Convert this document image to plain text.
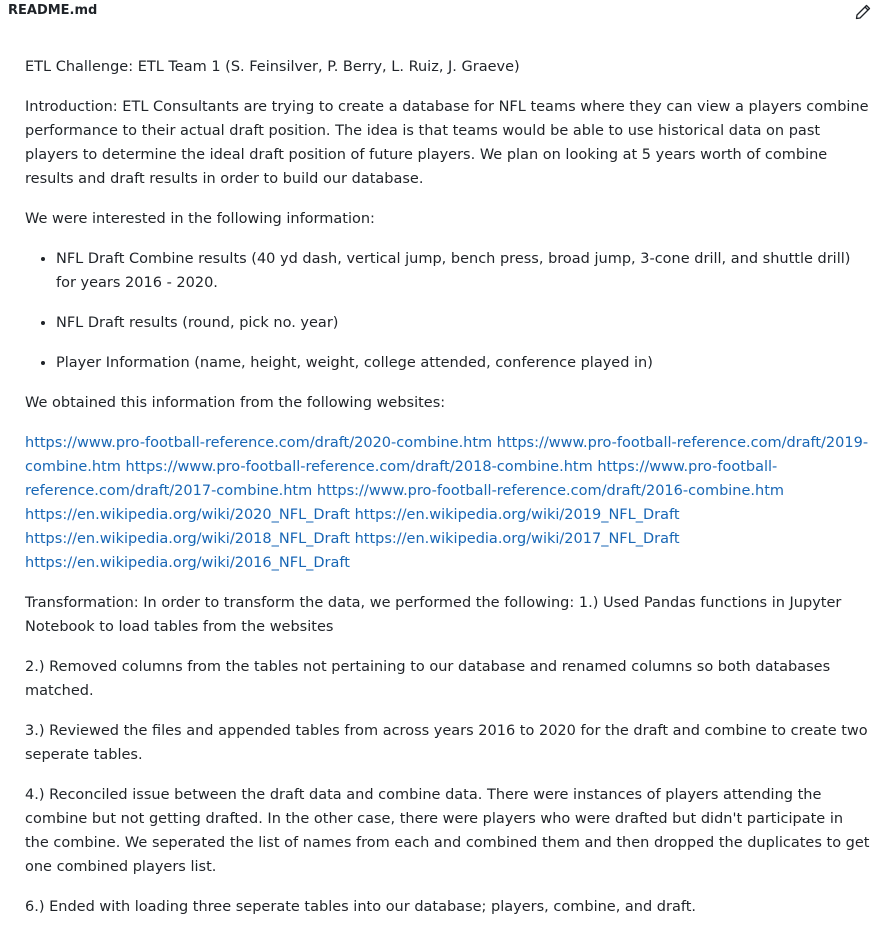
README.md

ETL Challenge: ETL Team 1 (S. Feinsilver, P. Berry, L. Ruiz, J. Graeve)

Introduction: ETL Consultants are trying to create a database for NFL teams where they can view a players combine performance to their actual draft position. The idea is that teams would be able to use historical data on past players to determine the ideal draft position of future players. We plan on looking at 5 years worth of combine results and draft results in order to build our database.

We were interested in the following information:

• NFL Draft Combine results (40 yd dash, vertical jump, bench press, broad jump, 3-cone drill, and shuttle drill) for years 2016 - 2020.
• NFL Draft results (round, pick no. year)
• Player Information (name, height, weight, college attended, conference played in)

We obtained this information from the following websites:

https://www.pro-football-reference.com/draft/2020-combine.htm https://www.pro-football-reference.com/draft/2019-combine.htm https://www.pro-football-reference.com/draft/2018-combine.htm https://www.pro-football-reference.com/draft/2017-combine.htm https://www.pro-football-reference.com/draft/2016-combine.htm https://en.wikipedia.org/wiki/2020_NFL_Draft https://en.wikipedia.org/wiki/2019_NFL_Draft https://en.wikipedia.org/wiki/2018_NFL_Draft https://en.wikipedia.org/wiki/2017_NFL_Draft https://en.wikipedia.org/wiki/2016_NFL_Draft

Transformation: In order to transform the data, we performed the following: 1.) Used Pandas functions in Jupyter Notebook to load tables from the websites

2.) Removed columns from the tables not pertaining to our database and renamed columns so both databases matched.

3.) Reviewed the files and appended tables from across years 2016 to 2020 for the draft and combine to create two seperate tables.

4.) Reconciled issue between the draft data and combine data. There were instances of players attending the combine but not getting drafted. In the other case, there were players who were drafted but didn't participate in the combine. We seperated the list of names from each and combined them and then dropped the duplicates to get one combined players list.

6.) Ended with loading three seperate tables into our database; players, combine, and draft.
